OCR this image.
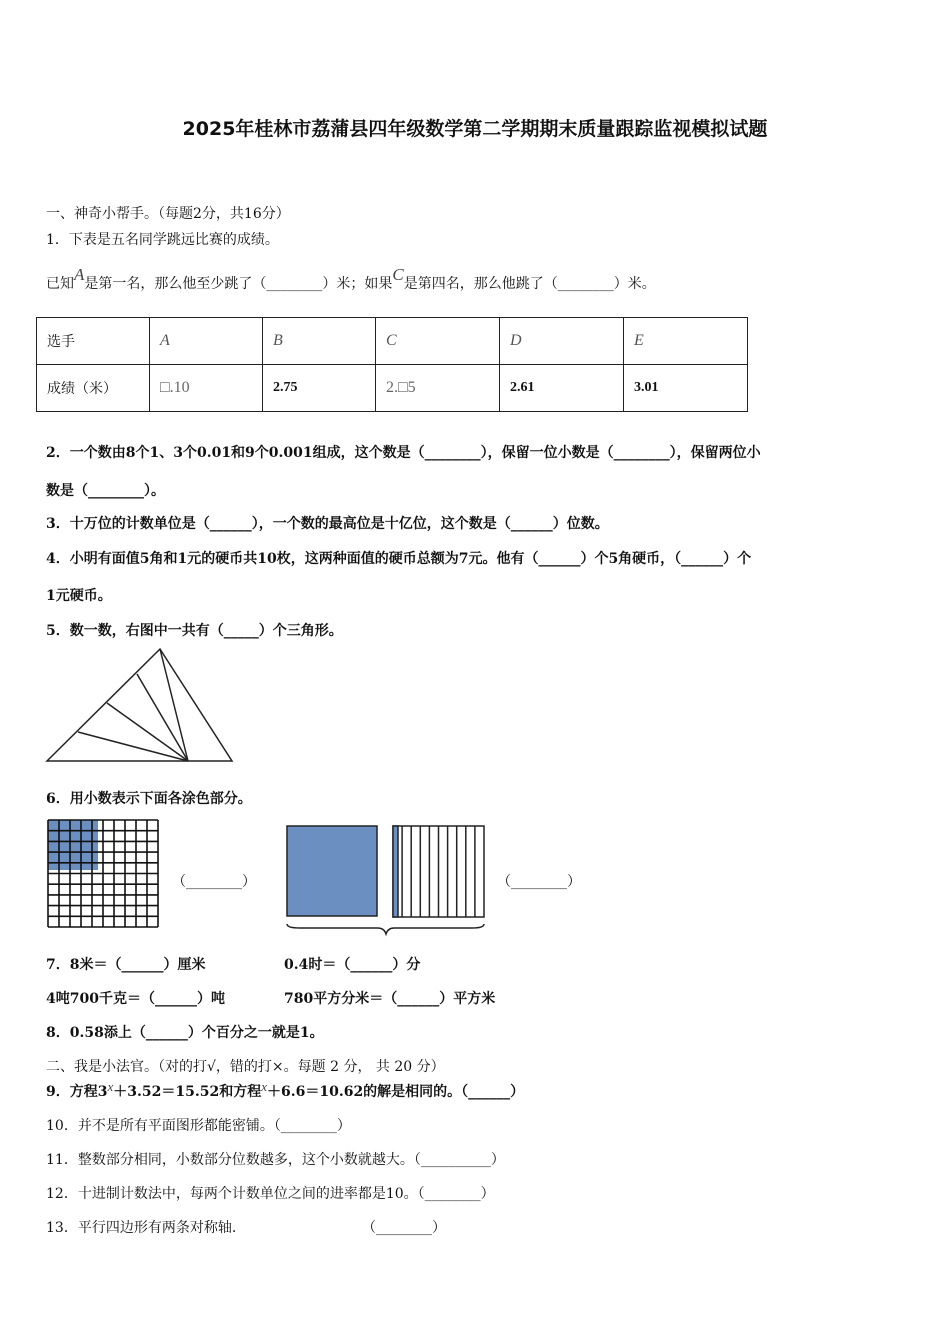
2025年桂林市荔蒲县四年级数学第二学期期末质量跟踪监视模拟试题
一、神奇小帮手。（每题2分，共16分）
1．下表是五名同学跳远比赛的成绩。
已知A是第一名，那么他至少跳了（________）米；如果C是第四名，那么他跳了（________）米。
选手	A	B	C	D	E
成绩（米）	□.10	2.75	2.□5	2.61	3.01
2．一个数由8个1、3个0.01和9个0.001组成，这个数是（________），保留一位小数是（________），保留两位小
数是（________）。
3．十万位的计数单位是（______），一个数的最高位是十亿位，这个数是（______）位数。
4．小明有面值5角和1元的硬币共10枚，这两种面值的硬币总额为7元。他有（______）个5角硬币，（______）个
1元硬币。
5．数一数，右图中一共有（_____）个三角形。
6．用小数表示下面各涂色部分。
（________）	（________）
7．8米＝（______）厘米	0.4时＝（______）分
4吨700千克＝（______）吨	780平方分米＝（______）平方米
8．0.58添上（______）个百分之一就是1。
二、我是小法官。（对的打√，错的打×。每题 2 分， 共 20 分）
9．方程3x＋3.52＝15.52和方程x＋6.6＝10.62的解是相同的。（______）
10．并不是所有平面图形都能密铺。（________）
11．整数部分相同，小数部分位数越多，这个小数就越大。（__________）
12．十进制计数法中，每两个计数单位之间的进率都是10。（________）
13．平行四边形有两条对称轴.	（________）
